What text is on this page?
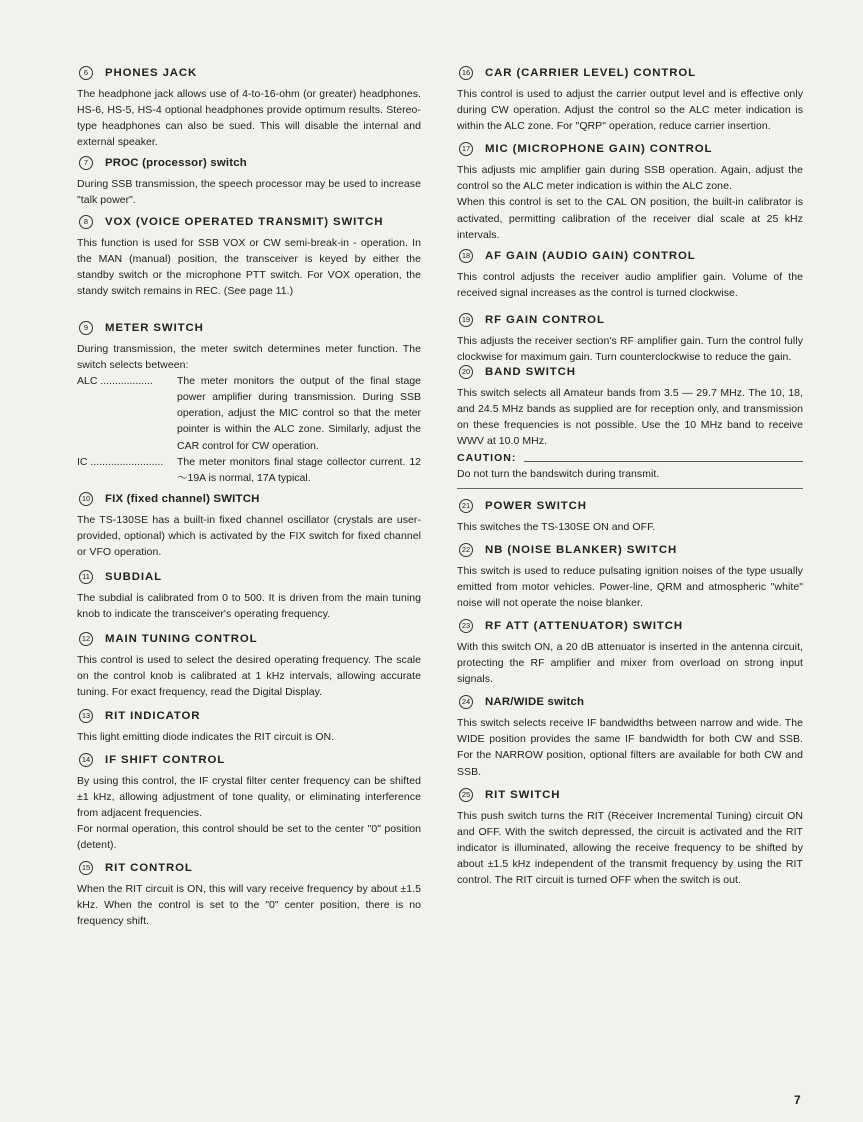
6	PHONES JACK

The headphone jack allows use of 4-to-16-ohm (or greater) headphones. HS-6, HS-5, HS-4 optional headphones provide optimum results. Stereo-type headphones can also be sued. This will disable the internal and external speaker.

7	PROC (processor) switch

During SSB transmission, the speech processor may be used to increase "talk power".

8	VOX (VOICE OPERATED TRANSMIT) SWITCH

This function is used for SSB VOX or CW semi-break-in - operation. In the MAN (manual) position, the transceiver is keyed by either the standby switch or the microphone PTT switch. For VOX operation, the standy switch remains in REC. (See page 11.)

9	METER SWITCH

During transmission, the meter switch determines meter function. The switch selects between:

ALC ..................	The meter monitors the output of the final stage power amplifier during transmission. During SSB operation, adjust the MIC control so that the meter pointer is within the ALC zone. Similarly, adjust the CAR control for CW operation.
IC .........................	The meter monitors final stage collector current. 12～19A is normal, 17A typical.
10 FIX (fixed channel) SWITCH

The TS-130SE has a built-in fixed channel oscillator (crystals are user-provided, optional) which is activated by the FIX switch for fixed channel or VFO operation.

11 SUBDIAL

The subdial is calibrated from 0 to 500. It is driven from the main tuning knob to indicate the transceiver's operating frequency.

12 MAIN TUNING CONTROL

This control is used to select the desired operating frequency. The scale on the control knob is calibrated at 1 kHz intervals, allowing accurate tuning. For exact frequency, read the Digital Display.

13 RIT INDICATOR

This light emitting diode indicates the RIT circuit is ON.

14 IF SHIFT CONTROL

By using this control, the IF crystal filter center frequency can be shifted ±1 kHz, allowing adjustment of tone quality, or eliminating interference from adjacent frequencies.

For normal operation, this control should be set to the center "0" position (detent).

15 RIT CONTROL

When the RIT circuit is ON, this will vary receive frequency by about ±1.5 kHz. When the control is set to the "0" center position, there is no frequency shift.

16 CAR (CARRIER LEVEL) CONTROL

This control is used to adjust the carrier output level and is effective only during CW operation. Adjust the control so the ALC meter indication is within the ALC zone. For "QRP" operation, reduce carrier insertion.

17 MIC (MICROPHONE GAIN) CONTROL

This adjusts mic amplifier gain during SSB operation. Again, adjust the control so the ALC meter indication is within the ALC zone.

When this control is set to the CAL ON position, the built-in calibrator is activated, permitting calibration of the receiver dial scale at 25 kHz intervals.

18 AF GAIN (AUDIO GAIN) CONTROL

This control adjusts the receiver audio amplifier gain. Volume of the received signal increases as the control is turned clockwise.

19 RF GAIN CONTROL

This adjusts the receiver section's RF amplifier gain. Turn the control fully clockwise for maximum gain. Turn counterclockwise to reduce the gain.

20 BAND SWITCH

This switch selects all Amateur bands from 3.5 — 29.7 MHz. The 10, 18, and 24.5 MHz bands as supplied are for reception only, and transmission on these frequencies is not possible. Use the 10 MHz band to receive WWV at 10.0 MHz.

CAUTION:

Do not turn the bandswitch during transmit.

21 POWER SWITCH

This switches the TS-130SE ON and OFF.

22 NB (NOISE BLANKER) SWITCH

This switch is used to reduce pulsating ignition noises of the type usually emitted from motor vehicles. Power-line, QRM and atmospheric "white" noise will not operate the noise blanker.

23 RF ATT (ATTENUATOR) SWITCH

With this switch ON, a 20 dB attenuator is inserted in the antenna circuit, protecting the RF amplifier and mixer from overload on strong input signals.

24 NAR/WIDE switch

This switch selects receive IF bandwidths between narrow and wide. The WIDE position provides the same IF bandwidth for both CW and SSB. For the NARROW position, optional filters are available for both CW and SSB.

25 RIT SWITCH

This push switch turns the RIT (Receiver Incremental Tuning) circuit ON and OFF. With the switch depressed, the circuit is activated and the RIT indicator is illuminated, allowing the receive frequency to be shifted by about ±1.5 kHz independent of the transmit frequency by using the RIT control. The RIT circuit is turned OFF when the switch is out.

7
